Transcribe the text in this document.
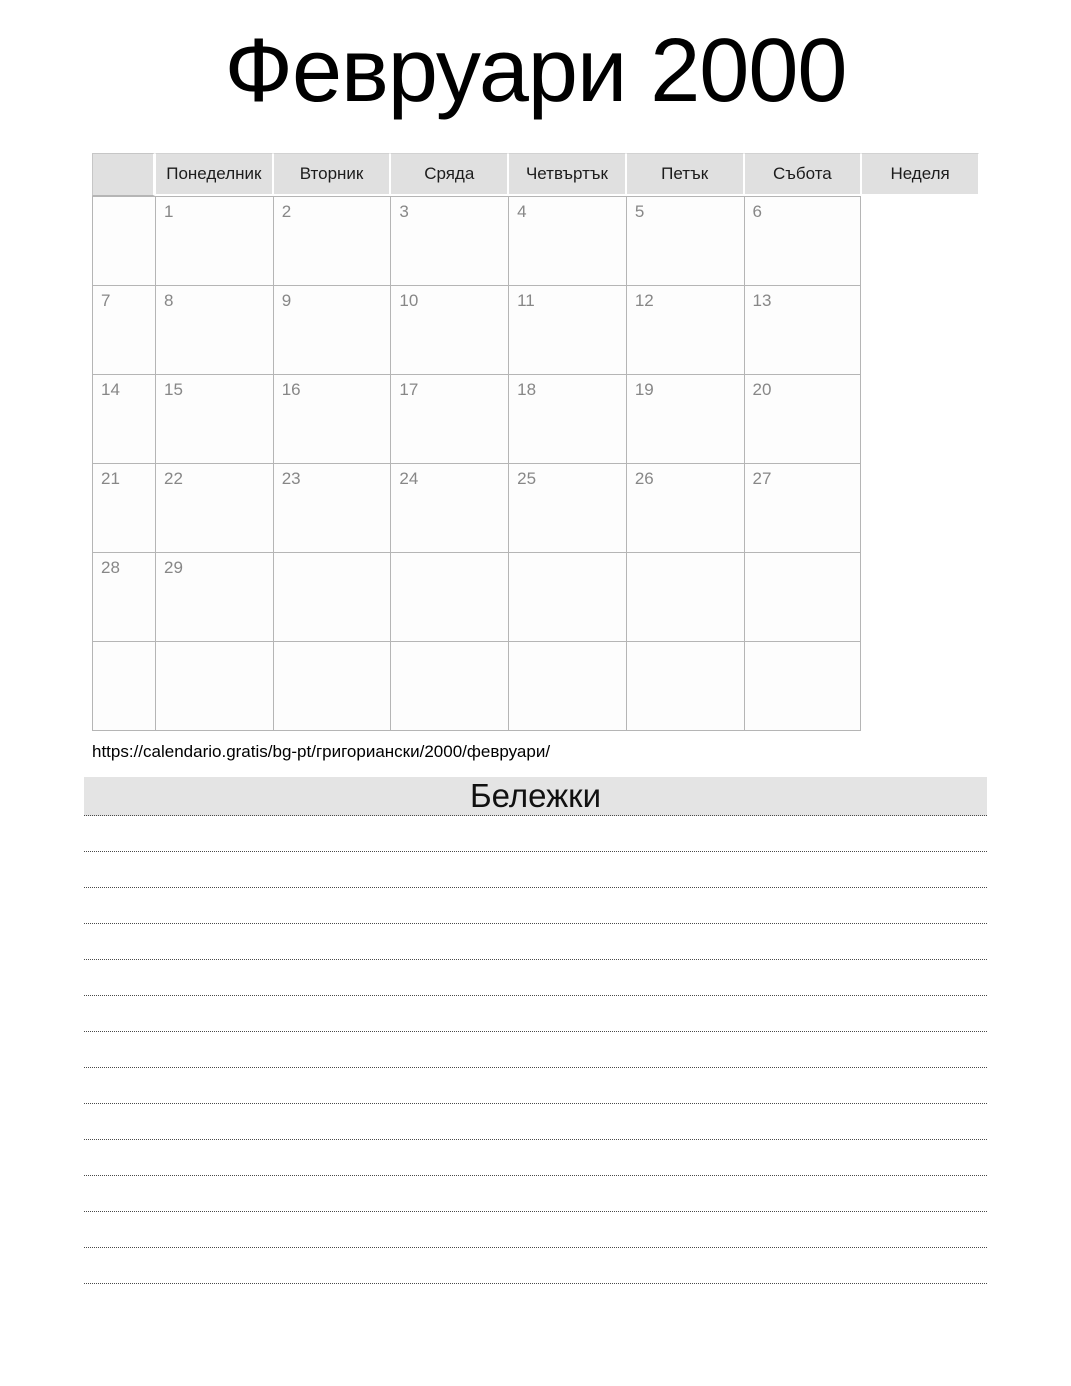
Февруари 2000
	Понеделник	Вторник	Сряда	Четвъртък	Петък	Събота	Неделя
	1	2	3	4	5	6	
7	8	9	10	11	12	13	
14	15	16	17	18	19	20	
21	22	23	24	25	26	27	
28	29						

https://calendario.gratis/bg-pt/григориански/2000/февруари/
Бележки
